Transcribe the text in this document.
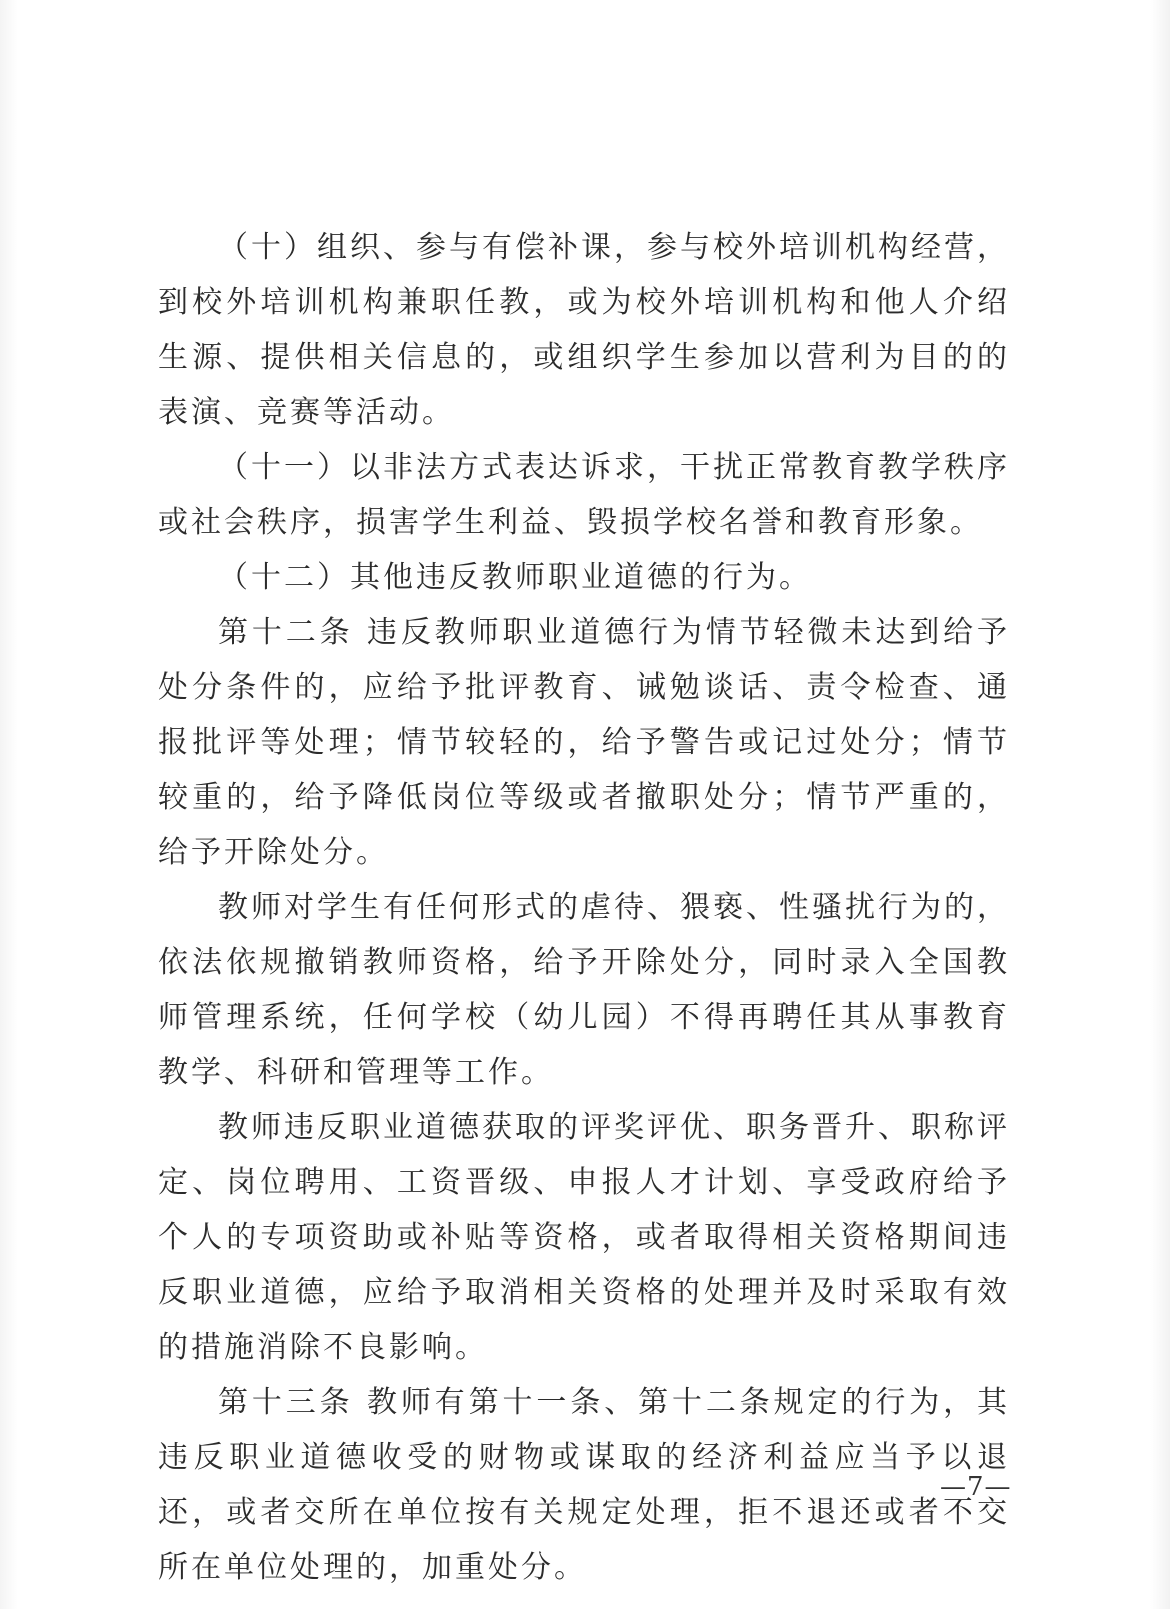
（十）组织、参与有偿补课，参与校外培训机构经营，到校外培训机构兼职任教，或为校外培训机构和他人介绍生源、提供相关信息的，或组织学生参加以营利为目的的表演、竞赛等活动。

（十一）以非法方式表达诉求，干扰正常教育教学秩序或社会秩序，损害学生利益、毁损学校名誉和教育形象。

（十二）其他违反教师职业道德的行为。

第十二条 违反教师职业道德行为情节轻微未达到给予处分条件的，应给予批评教育、诫勉谈话、责令检查、通报批评等处理；情节较轻的，给予警告或记过处分；情节较重的，给予降低岗位等级或者撤职处分；情节严重的，给予开除处分。

教师对学生有任何形式的虐待、猥亵、性骚扰行为的，依法依规撤销教师资格，给予开除处分，同时录入全国教师管理系统，任何学校（幼儿园）不得再聘任其从事教育教学、科研和管理等工作。

教师违反职业道德获取的评奖评优、职务晋升、职称评定、岗位聘用、工资晋级、申报人才计划、享受政府给予个人的专项资助或补贴等资格，或者取得相关资格期间违反职业道德，应给予取消相关资格的处理并及时采取有效的措施消除不良影响。

第十三条 教师有第十一条、第十二条规定的行为，其违反职业道德收受的财物或谋取的经济利益应当予以退还，或者交所在单位按有关规定处理，拒不退还或者不交所在单位处理的，加重处分。

—7—
